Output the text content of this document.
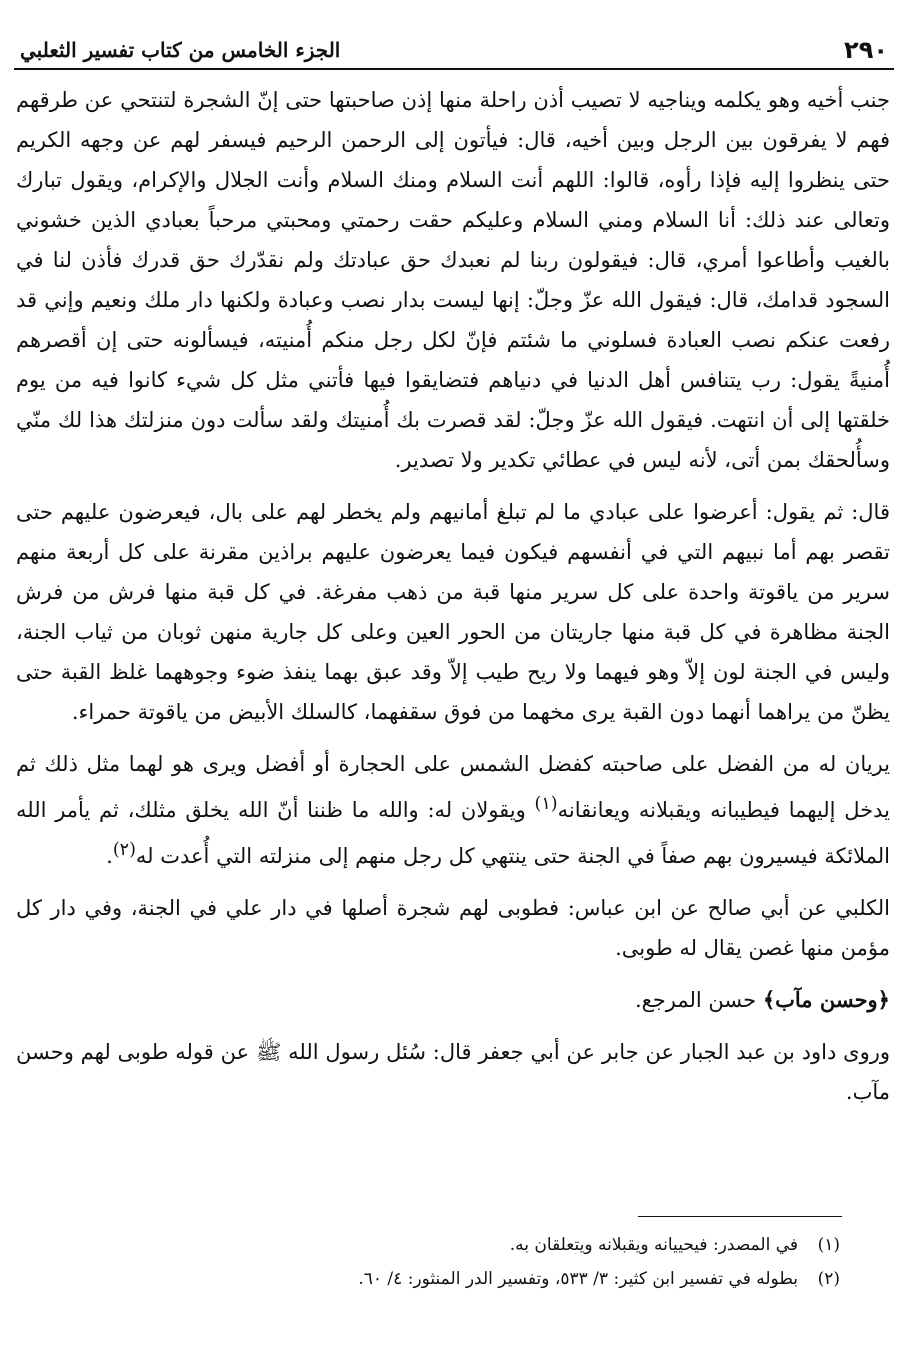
٢٩٠
الجزء الخامس من كتاب تفسير الثعلبي

جنب أخيه وهو يكلمه ويناجيه لا تصيب أذن راحلة منها إذن صاحبتها حتى إنّ الشجرة لتنتحي عن طرقهم فهم لا يفرقون بين الرجل وبين أخيه، قال: فيأتون إلى الرحمن الرحيم فيسفر لهم عن وجهه الكريم حتى ينظروا إليه فإذا رأوه، قالوا: اللهم أنت السلام ومنك السلام وأنت الجلال والإكرام، ويقول تبارك وتعالى عند ذلك: أنا السلام ومني السلام وعليكم حقت رحمتي ومحبتي مرحباً بعبادي الذين خشوني بالغيب وأطاعوا أمري، قال: فيقولون ربنا لم نعبدك حق عبادتك ولم نقدّرك حق قدرك فأذن لنا في السجود قدامك، قال: فيقول الله عزّ وجلّ: إنها ليست بدار نصب وعبادة ولكنها دار ملك ونعيم وإني قد رفعت عنكم نصب العبادة فسلوني ما شئتم فإنّ لكل رجل منكم أُمنيته، فيسألونه حتى إن أقصرهم أُمنيةً يقول: رب يتنافس أهل الدنيا في دنياهم فتضايقوا فيها فأتني مثل كل شيء كانوا فيه من يوم خلقتها إلى أن انتهت. فيقول الله عزّ وجلّ: لقد قصرت بك أُمنيتك ولقد سألت دون منزلتك هذا لك منّي وسأُلحقك بمن أتى، لأنه ليس في عطائي تكدير ولا تصدير.

قال: ثم يقول: أعرضوا على عبادي ما لم تبلغ أمانيهم ولم يخطر لهم على بال، فيعرضون عليهم حتى تقصر بهم أما نبيهم التي في أنفسهم فيكون فيما يعرضون عليهم براذين مقرنة على كل أربعة منهم سرير من ياقوتة واحدة على كل سرير منها قبة من ذهب مفرغة. في كل قبة منها فرش من فرش الجنة مظاهرة في كل قبة منها جاريتان من الحور العين وعلى كل جارية منهن ثوبان من ثياب الجنة، وليس في الجنة لون إلاّ وهو فيهما ولا ريح طيب إلاّ وقد عبق بهما ينفذ ضوء وجوههما غلظ القبة حتى يظنّ من يراهما أنهما دون القبة يرى مخهما من فوق سقفهما، كالسلك الأبيض من ياقوتة حمراء.

يريان له من الفضل على صاحبته كفضل الشمس على الحجارة أو أفضل ويرى هو لهما مثل ذلك ثم يدخل إليهما فيطيبانه ويقبلانه ويعانقانه$^{(١)}$ ويقولان له: والله ما ظننا أنّ الله يخلق مثلك، ثم يأمر الله الملائكة فيسيرون بهم صفاً في الجنة حتى ينتهي كل رجل منهم إلى منزلته التي أُعدت له$^{(٢)}$.

الكلبي عن أبي صالح عن ابن عباس: فطوبى لهم شجرة أصلها في دار علي في الجنة، وفي دار كل مؤمن منها غصن يقال له طوبى.

﴿وحسن مآب﴾ حسن المرجع.

وروى داود بن عبد الجبار عن جابر عن أبي جعفر قال: سُئل رسول الله ﷺ عن قوله طوبى لهم وحسن مآب.

(١)
في المصدر: فيحييانه ويقبلانه ويتعلقان به.
(٢)
بطوله في تفسير ابن كثير: ٣/ ٥٣٣، وتفسير الدر المنثور: ٤/ ٦٠.
